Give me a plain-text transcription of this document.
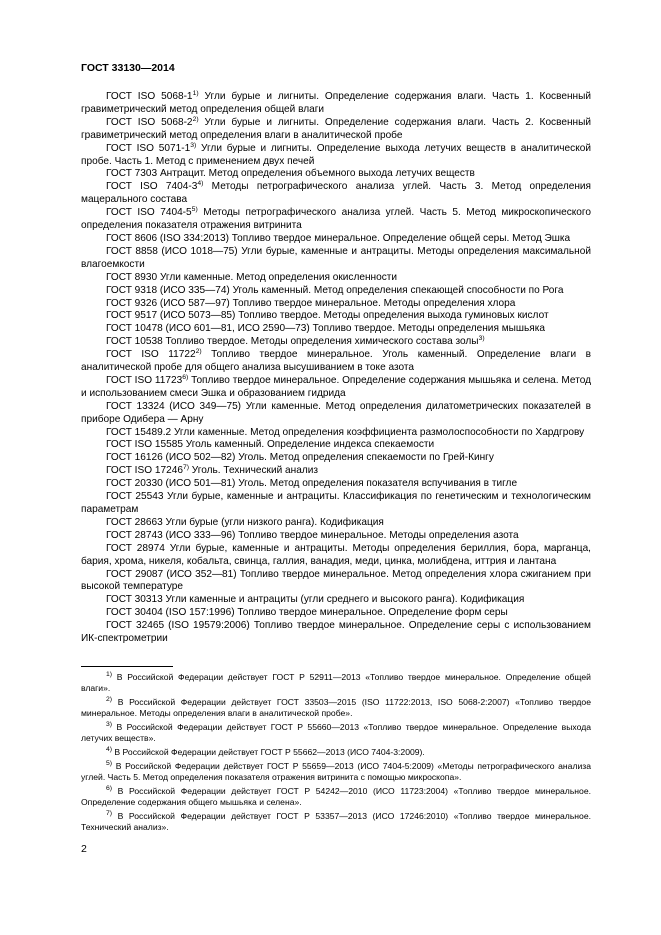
ГОСТ 33130—2014

ГОСТ ISO 5068-1$^{1)}$ Угли бурые и лигниты. Определение содержания влаги. Часть 1. Косвенный гравиметрический метод определения общей влаги

ГОСТ ISO 5068-2$^{2)}$ Угли бурые и лигниты. Определение содержания влаги. Часть 2. Косвенный гравиметрический метод определения влаги в аналитической пробе

ГОСТ ISO 5071-1$^{3)}$ Угли бурые и лигниты. Определение выхода летучих веществ в аналитической пробе. Часть 1. Метод с применением двух печей

ГОСТ 7303 Антрацит. Метод определения объемного выхода летучих веществ

ГОСТ ISO 7404-3$^{4)}$ Методы петрографического анализа углей. Часть 3. Метод определения мацерального состава

ГОСТ ISO 7404-5$^{5)}$ Методы петрографического анализа углей. Часть 5. Метод микроскопического определения показателя отражения витринита

ГОСТ 8606 (ISO 334:2013) Топливо твердое минеральное. Определение общей серы. Метод Эшка

ГОСТ 8858 (ИСО 1018—75) Угли бурые, каменные и антрациты. Методы определения максимальной влагоемкости

ГОСТ 8930 Угли каменные. Метод определения окисленности

ГОСТ 9318 (ИСО 335—74) Уголь каменный. Метод определения спекающей способности по Рога

ГОСТ 9326 (ИСО 587—97) Топливо твердое минеральное. Методы определения хлора

ГОСТ 9517 (ИСО 5073—85) Топливо твердое. Методы определения выхода гуминовых кислот

ГОСТ 10478 (ИСО 601—81, ИСО 2590—73) Топливо твердое. Методы определения мышьяка

ГОСТ 10538 Топливо твердое. Методы определения химического состава золы$^{3)}$

ГОСТ ISO 11722$^{2)}$ Топливо твердое минеральное. Уголь каменный. Определение влаги в аналитической пробе для общего анализа высушиванием в токе азота

ГОСТ ISO 11723$^{6)}$ Топливо твердое минеральное. Определение содержания мышьяка и селена. Метод и использованием смеси Эшка и образованием гидрида

ГОСТ 13324 (ИСО 349—75) Угли каменные. Метод определения дилатометрических показателей в приборе Одибера — Арну

ГОСТ 15489.2 Угли каменные. Метод определения коэффициента размолоспособности по Хардгрову

ГОСТ ISO 15585 Уголь каменный. Определение индекса спекаемости

ГОСТ 16126 (ИСО 502—82) Уголь. Метод определения спекаемости по Грей-Кингу

ГОСТ ISO 17246$^{7)}$ Уголь. Технический анализ

ГОСТ 20330 (ИСО 501—81) Уголь. Метод определения показателя вспучивания в тигле

ГОСТ 25543 Угли бурые, каменные и антрациты. Классификация по генетическим и технологическим параметрам

ГОСТ 28663 Угли бурые (угли низкого ранга). Кодификация

ГОСТ 28743 (ИСО 333—96) Топливо твердое минеральное. Методы определения азота

ГОСТ 28974 Угли бурые, каменные и антрациты. Методы определения бериллия, бора, марганца, бария, хрома, никеля, кобальта, свинца, галлия, ванадия, меди, цинка, молибдена, иттрия и лантана

ГОСТ 29087 (ИСО 352—81) Топливо твердое минеральное. Метод определения хлора сжиганием при высокой температуре

ГОСТ 30313 Угли каменные и антрациты (угли среднего и высокого ранга). Кодификация

ГОСТ 30404 (ISO 157:1996) Топливо твердое минеральное. Определение форм серы

ГОСТ 32465 (ISO 19579:2006) Топливо твердое минеральное. Определение серы с использованием ИК-спектрометрии

$^{1)}$ В Российской Федерации действует ГОСТ Р 52911—2013 «Топливо твердое минеральное. Определение общей влаги».

$^{2)}$ В Российской Федерации действует ГОСТ 33503—2015 (ISO 11722:2013, ISO 5068-2:2007) «Топливо твердое минеральное. Методы определения влаги в аналитической пробе».

$^{3)}$ В Российской Федерации действует ГОСТ Р 55660—2013 «Топливо твердое минеральное. Определение выхода летучих веществ».

$^{4)}$ В Российской Федерации действует ГОСТ Р 55662—2013 (ИСО 7404-3:2009).

$^{5)}$ В Российской Федерации действует ГОСТ Р 55659—2013 (ИСО 7404-5:2009) «Методы петрографического анализа углей. Часть 5. Метод определения показателя отражения витринита с помощью микроскопа».

$^{6)}$ В Российской Федерации действует ГОСТ Р 54242—2010 (ИСО 11723:2004) «Топливо твердое минеральное. Определение содержания общего мышьяка и селена».

$^{7)}$ В Российской Федерации действует ГОСТ Р 53357—2013 (ИСО 17246:2010) «Топливо твердое минеральное. Технический анализ».

2
